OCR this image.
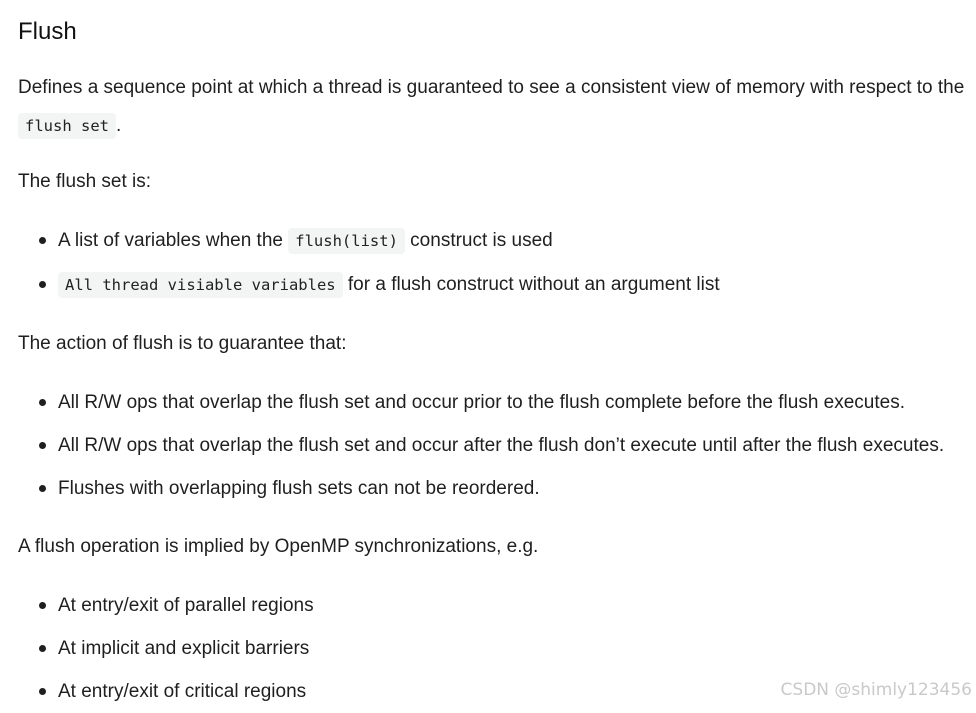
Flush

Defines a sequence point at which a thread is guaranteed to see a consistent view of memory with respect to the flush set .

The flush set is:

A list of variables when the flush(list) construct is used
All thread visiable variables for a flush construct without an argument list

The action of flush is to guarantee that:

All R/W ops that overlap the flush set and occur prior to the flush complete before the flush executes.
All R/W ops that overlap the flush set and occur after the flush don’t execute until after the flush executes.
Flushes with overlapping flush sets can not be reordered.

A flush operation is implied by OpenMP synchronizations, e.g.

At entry/exit of parallel regions
At implicit and explicit barriers
At entry/exit of critical regions	CSDN @shimly123456
